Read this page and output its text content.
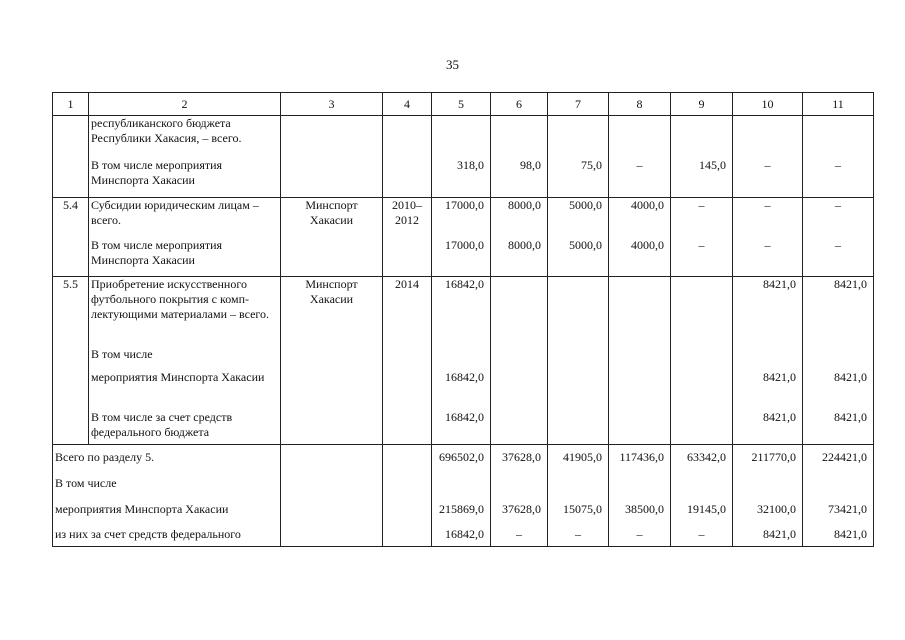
35
1	2	3	4	5	6	7	8	9	10	11
	республиканского бюджета Республики Хакасия, – всего.									
	В том числе мероприятия Минспорта Хакасии			318,0	98,0	75,0	–	145,0	–	–
5.4	Субсидии юридическим лицам – всего.	Минспорт Хакасии	2010–2012	17000,0	8000,0	5000,0	4000,0	–	–	–
	В том числе мероприятия Минспорта Хакасии			17000,0	8000,0	5000,0	4000,0	–	–	–
5.5	Приобретение искусственного футбольного покрытия с комп-лектующими материалами – всего.	Минспорт Хакасии	2014	16842,0					8421,0	8421,0
	В том числе									
	мероприятия Минспорта Хакасии			16842,0					8421,0	8421,0
	В том числе за счет средств федерального бюджета			16842,0					8421,0	8421,0
Всего по разделу 5.				696502,0	37628,0	41905,0	117436,0	63342,0	211770,0	224421,0
В том числе										
мероприятия Минспорта Хакасии				215869,0	37628,0	15075,0	38500,0	19145,0	32100,0	73421,0
из них за счет средств федерального				16842,0	–	–	–	–	8421,0	8421,0
